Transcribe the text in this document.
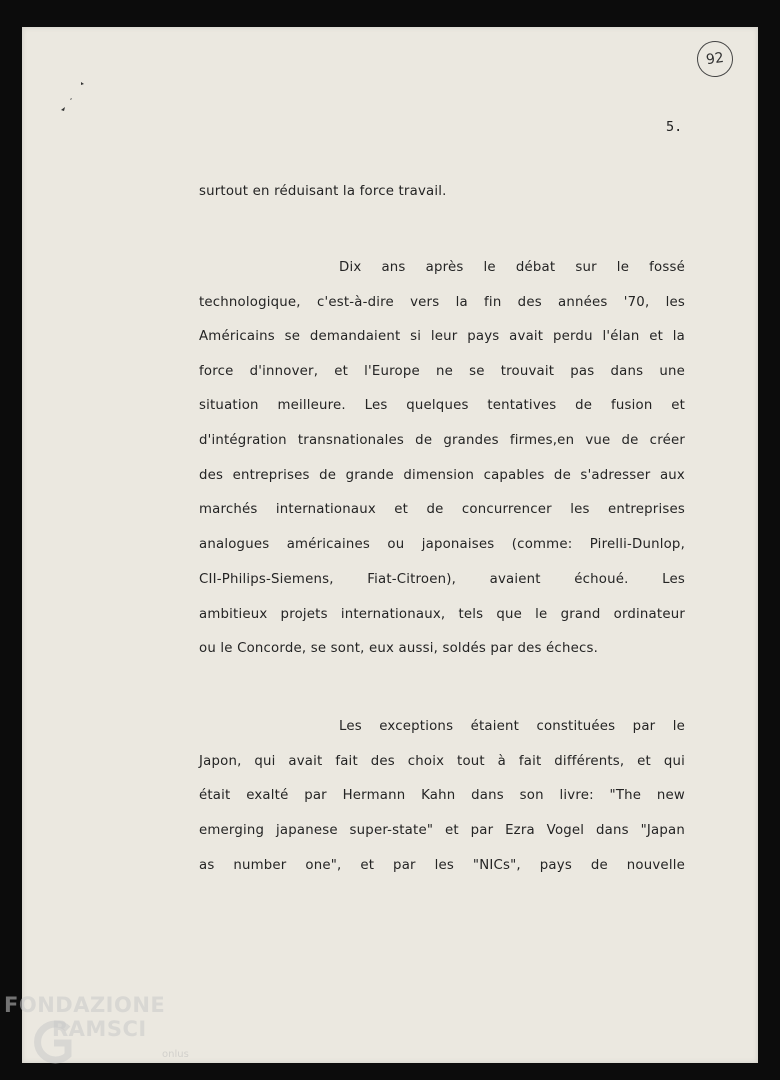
92
5.
surtout en réduisant la force travail.
Dix ans après le débat sur le fossé
technologique, c'est-à-dire vers la fin des années '70, les
Américains se demandaient si leur pays avait perdu l'élan et la
force d'innover, et l'Europe ne se trouvait pas dans une
situation meilleure. Les quelques tentatives de fusion et
d'intégration transnationales de grandes firmes,en vue de créer
des entreprises de grande dimension capables de s'adresser aux
marchés internationaux et de concurrencer les entreprises
analogues américaines ou japonaises (comme: Pirelli-Dunlop,
CII-Philips-Siemens, Fiat-Citroen), avaient échoué. Les
ambitieux projets internationaux, tels que le grand ordinateur
ou le Concorde, se sont, eux aussi, soldés par des échecs.
Les exceptions étaient constituées par le
Japon, qui avait fait des choix tout à fait différents, et qui
était exalté par Hermann Kahn dans son livre: "The new
emerging japanese super-state" et par Ezra Vogel dans "Japan
as number one", et par les "NICs", pays de nouvelle
FONDAZIONE
RAMSCI
onlus
